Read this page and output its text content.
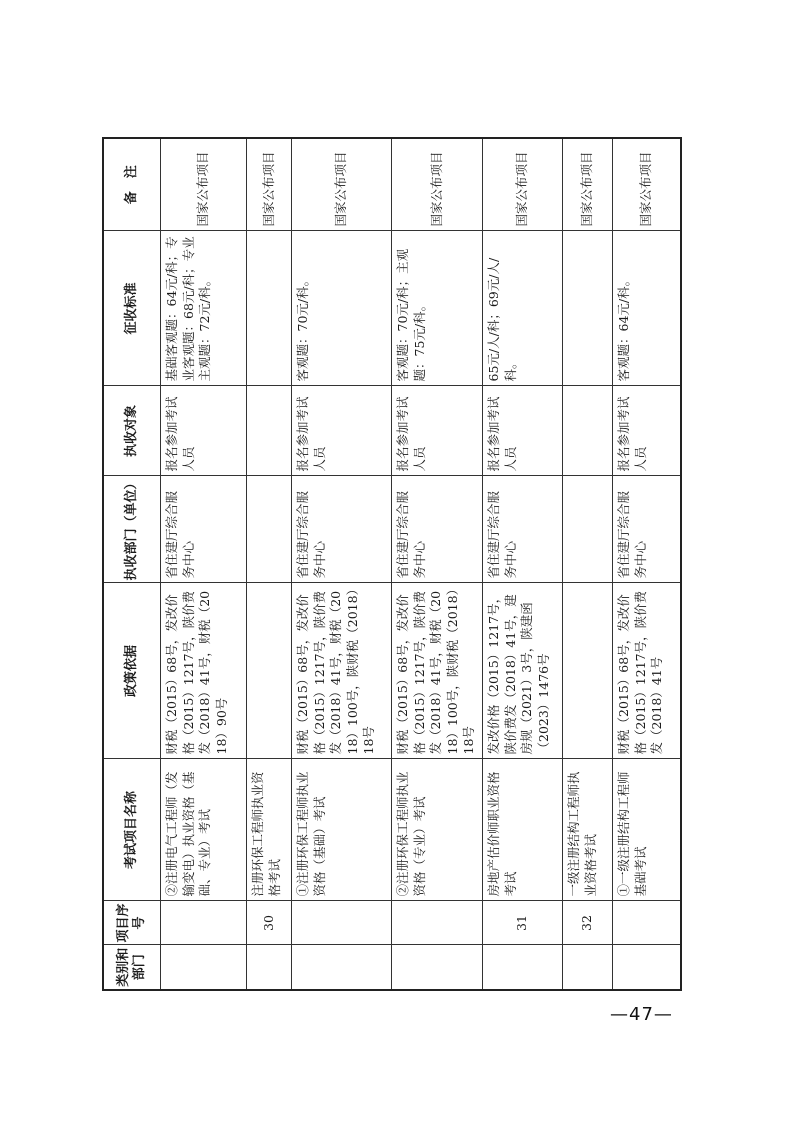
类别和部门	项目序号	考试项目名称	政策依据	执收部门（单位）	执收对象	征收标准	备　注
		②注册电气工程师（发输变电）执业资格（基础、专业）考试	财税（2015）68号，发改价格（2015）1217号，陕价费发（2018）41号，财税（2018）90号	省住建厅综合服务中心	报名参加考试人员	基础客观题：64元/科；专业客观题：68元/科；专业主观题：72元/科。	国家公布项目
	30	注册环保工程师执业资格考试					国家公布项目
		①注册环保工程师执业资格（基础）考试	财税（2015）68号，发改价格（2015）1217号，陕价费发（2018）41号，财税（2018）100号，陕财税（2018）18号	省住建厅综合服务中心	报名参加考试人员	客观题：70元/科。	国家公布项目
		②注册环保工程师执业资格（专业）考试	财税（2015）68号，发改价格（2015）1217号，陕价费发（2018）41号，财税（2018）100号，陕财税（2018）18号	省住建厅综合服务中心	报名参加考试人员	客观题：70元/科；主观题：75元/科。	国家公布项目
	31	房地产估价师职业资格考试	发改价格（2015）1217号，陕价费发（2018）41号，建房规（2021）3号，陕建函（2023）1476号	省住建厅综合服务中心	报名参加考试人员	65元/人/科；69元/人/科。	国家公布项目
	32	一级注册结构工程师执业资格考试					国家公布项目
		①一级注册结构工程师基础考试	财税（2015）68号，发改价格（2015）1217号，陕价费发（2018）41号	省住建厅综合服务中心	报名参加考试人员	客观题：64元/科。	国家公布项目
—47—
